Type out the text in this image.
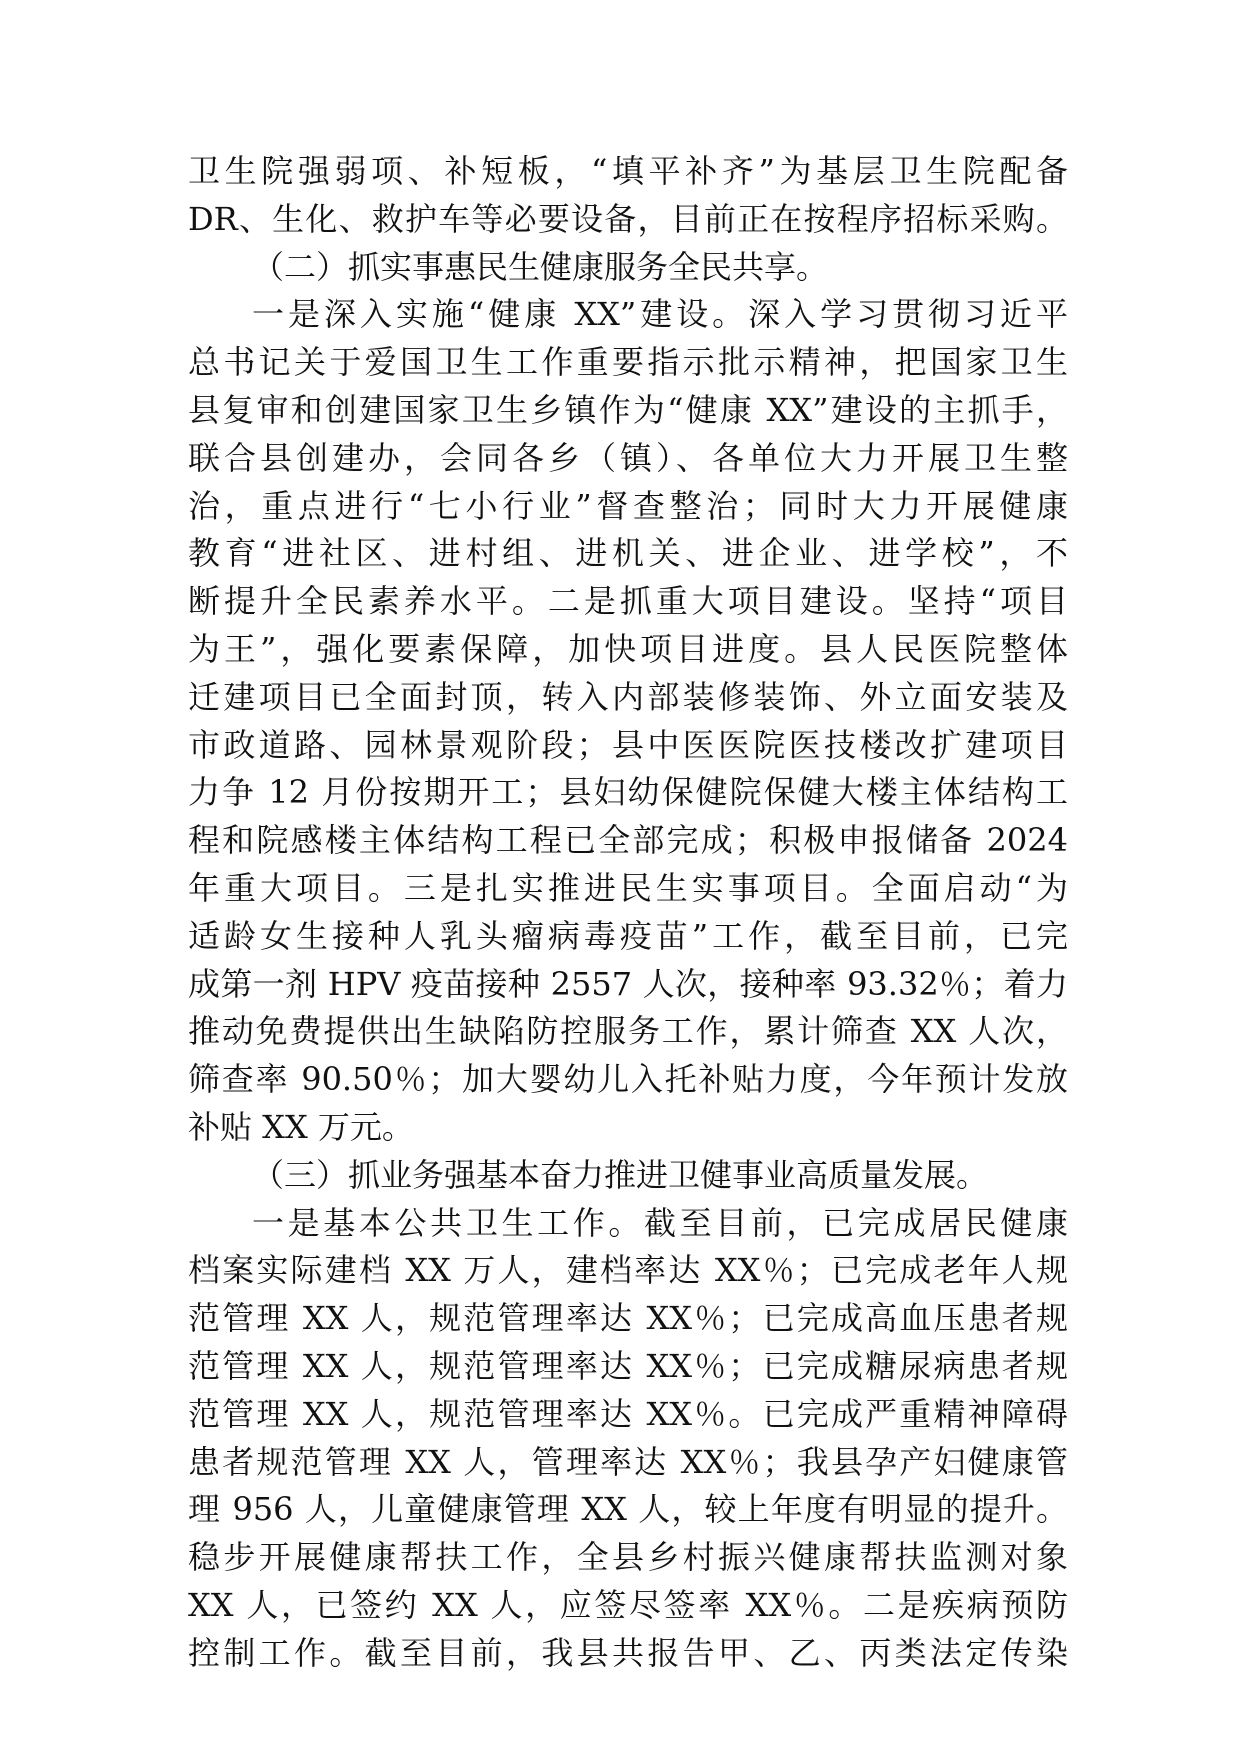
卫生院强弱项、补短板，“填平补齐”为基层卫生院配备
DR、生化、救护车等必要设备，目前正在按程序招标采购。
（二）抓实事惠民生健康服务全民共享。
一是深入实施“健康 XX”建设。深入学习贯彻习近平
总书记关于爱国卫生工作重要指示批示精神，把国家卫生
县复审和创建国家卫生乡镇作为“健康 XX”建设的主抓手，
联合县创建办，会同各乡（镇）、各单位大力开展卫生整
治，重点进行“七小行业”督查整治；同时大力开展健康
教育“进社区、进村组、进机关、进企业、进学校”，不
断提升全民素养水平。二是抓重大项目建设。坚持“项目
为王”，强化要素保障，加快项目进度。县人民医院整体
迁建项目已全面封顶，转入内部装修装饰、外立面安装及
市政道路、园林景观阶段；县中医医院医技楼改扩建项目
力争 12 月份按期开工；县妇幼保健院保健大楼主体结构工
程和院感楼主体结构工程已全部完成；积极申报储备 2024
年重大项目。三是扎实推进民生实事项目。全面启动“为
适龄女生接种人乳头瘤病毒疫苗”工作，截至目前，已完
成第一剂 HPV 疫苗接种 2557 人次，接种率 93.32％；着力
推动免费提供出生缺陷防控服务工作，累计筛查 XX 人次，
筛查率 90.50％；加大婴幼儿入托补贴力度，今年预计发放
补贴 XX 万元。
（三）抓业务强基本奋力推进卫健事业高质量发展。
一是基本公共卫生工作。截至目前，已完成居民健康
档案实际建档 XX 万人，建档率达 XX％；已完成老年人规
范管理 XX 人，规范管理率达 XX％；已完成高血压患者规
范管理 XX 人，规范管理率达 XX％；已完成糖尿病患者规
范管理 XX 人，规范管理率达 XX％。已完成严重精神障碍
患者规范管理 XX 人，管理率达 XX％；我县孕产妇健康管
理 956 人，儿童健康管理 XX 人，较上年度有明显的提升。
稳步开展健康帮扶工作，全县乡村振兴健康帮扶监测对象
XX 人，已签约 XX 人，应签尽签率 XX％。二是疾病预防
控制工作。截至目前，我县共报告甲、乙、丙类法定传染
